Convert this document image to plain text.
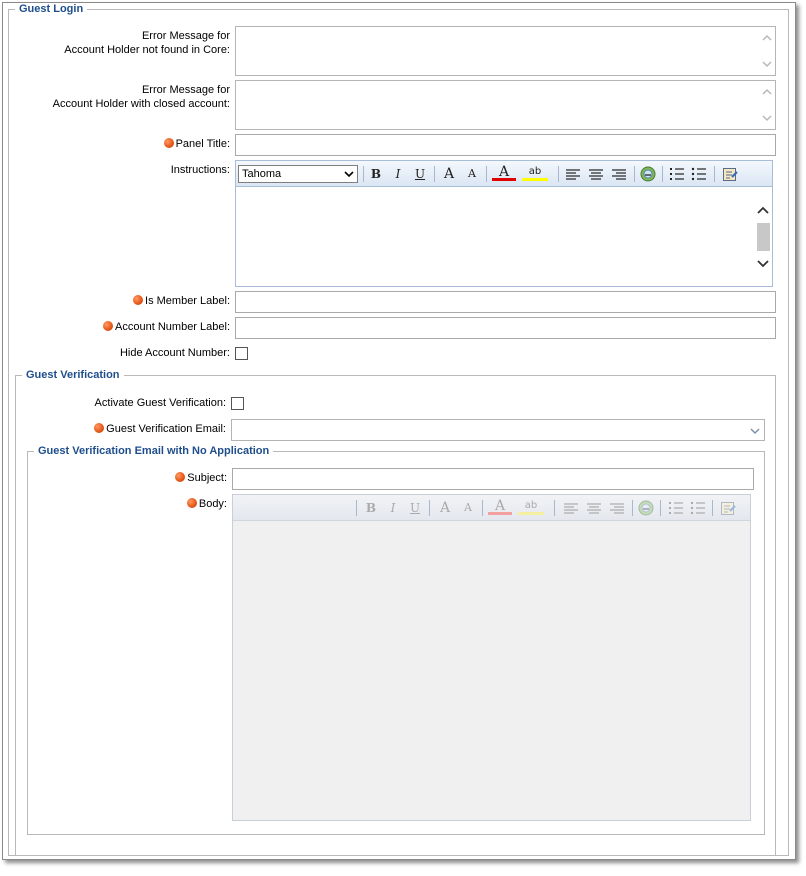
Guest Login
Error Message for
Account Holder not found in Core:
Error Message for
Account Holder with closed account:
Panel Title:
Instructions:	Tahoma	B	I	U	A	A	A	ab
Is Member Label:
Account Number Label:
Hide Account Number:
Guest Verification
Activate Guest Verification:
Guest Verification Email:
Guest Verification Email with No Application
Subject:
Body:	B	I	U	A	A	A	ab
